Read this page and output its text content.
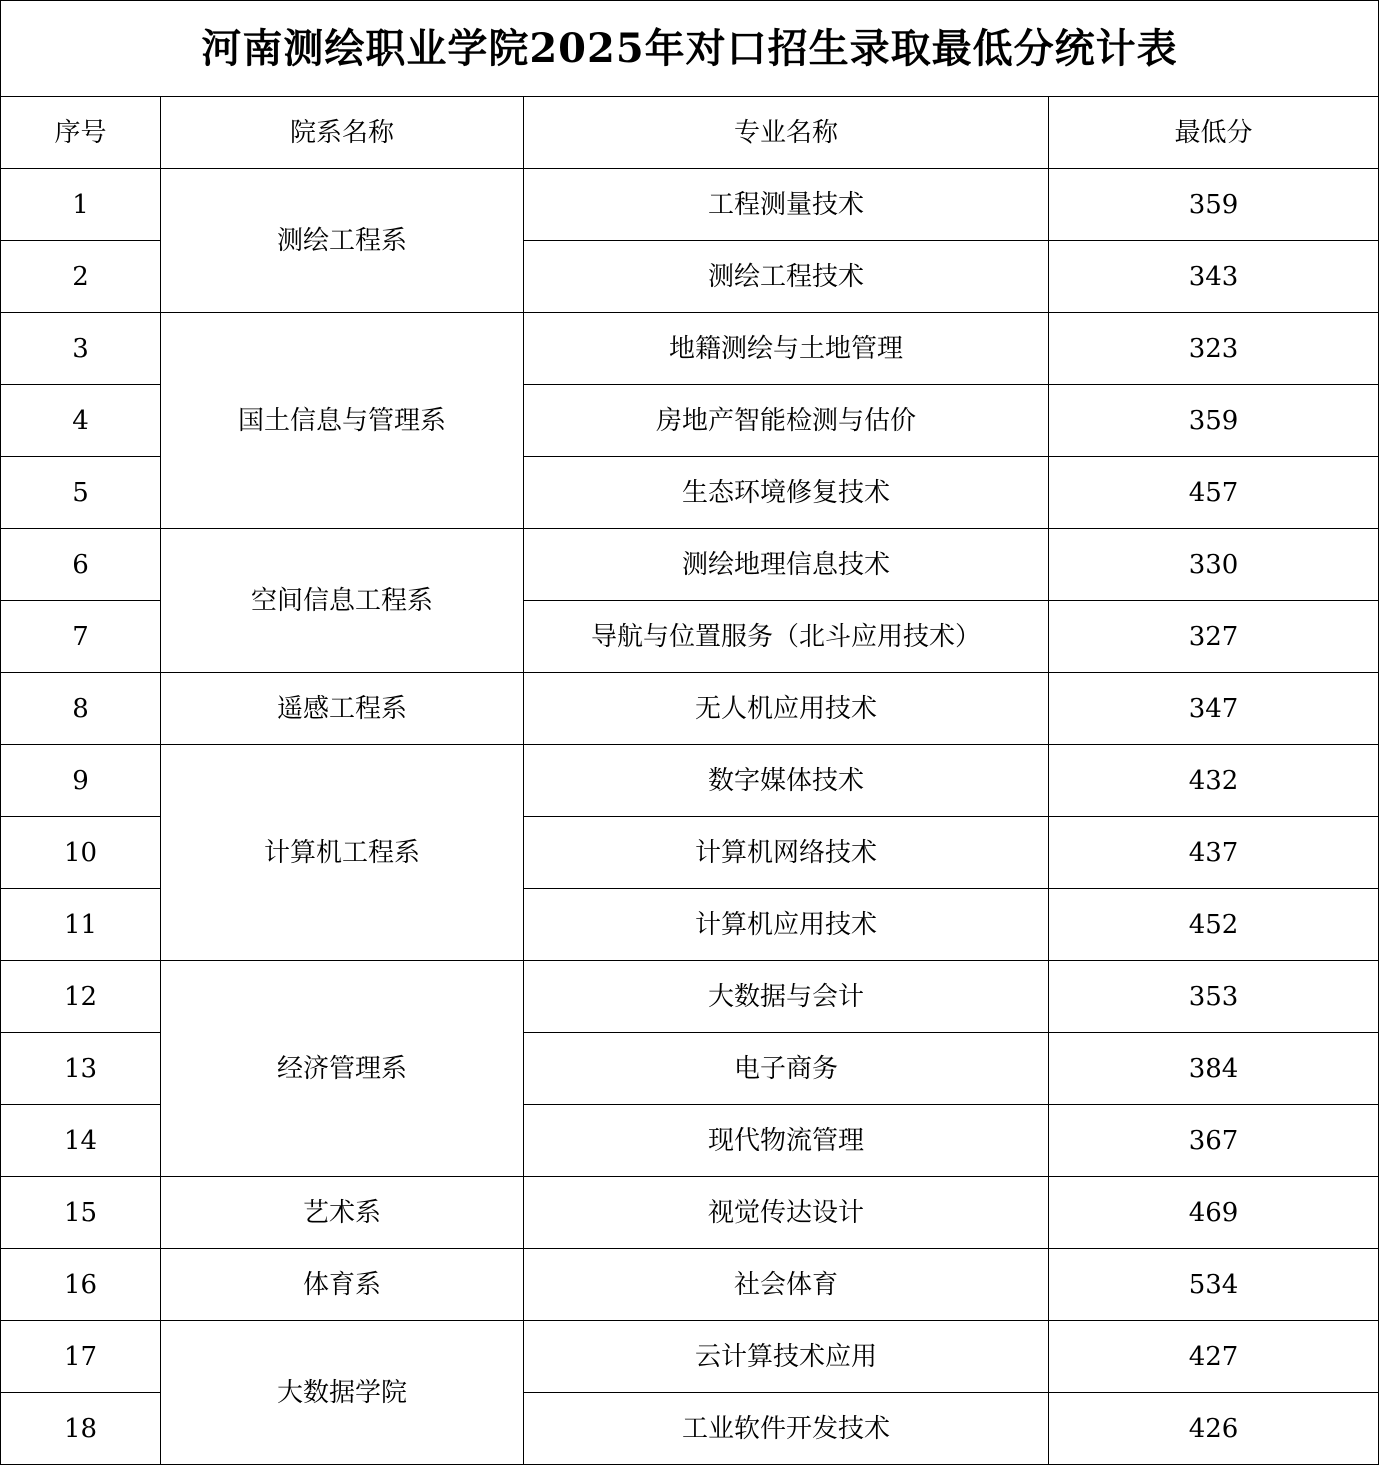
河南测绘职业学院2025年对口招生录取最低分统计表			
序号	院系名称	专业名称	最低分
1	测绘工程系	工程测量技术	359
2		测绘工程技术	343
3	国土信息与管理系	地籍测绘与土地管理	323
4		房地产智能检测与估价	359
5		生态环境修复技术	457
6	空间信息工程系	测绘地理信息技术	330
7		导航与位置服务（北斗应用技术）	327
8	遥感工程系	无人机应用技术	347
9	计算机工程系	数字媒体技术	432
10		计算机网络技术	437
11		计算机应用技术	452
12	经济管理系	大数据与会计	353
13		电子商务	384
14		现代物流管理	367
15	艺术系	视觉传达设计	469
16	体育系	社会体育	534
17	大数据学院	云计算技术应用	427
18		工业软件开发技术	426
